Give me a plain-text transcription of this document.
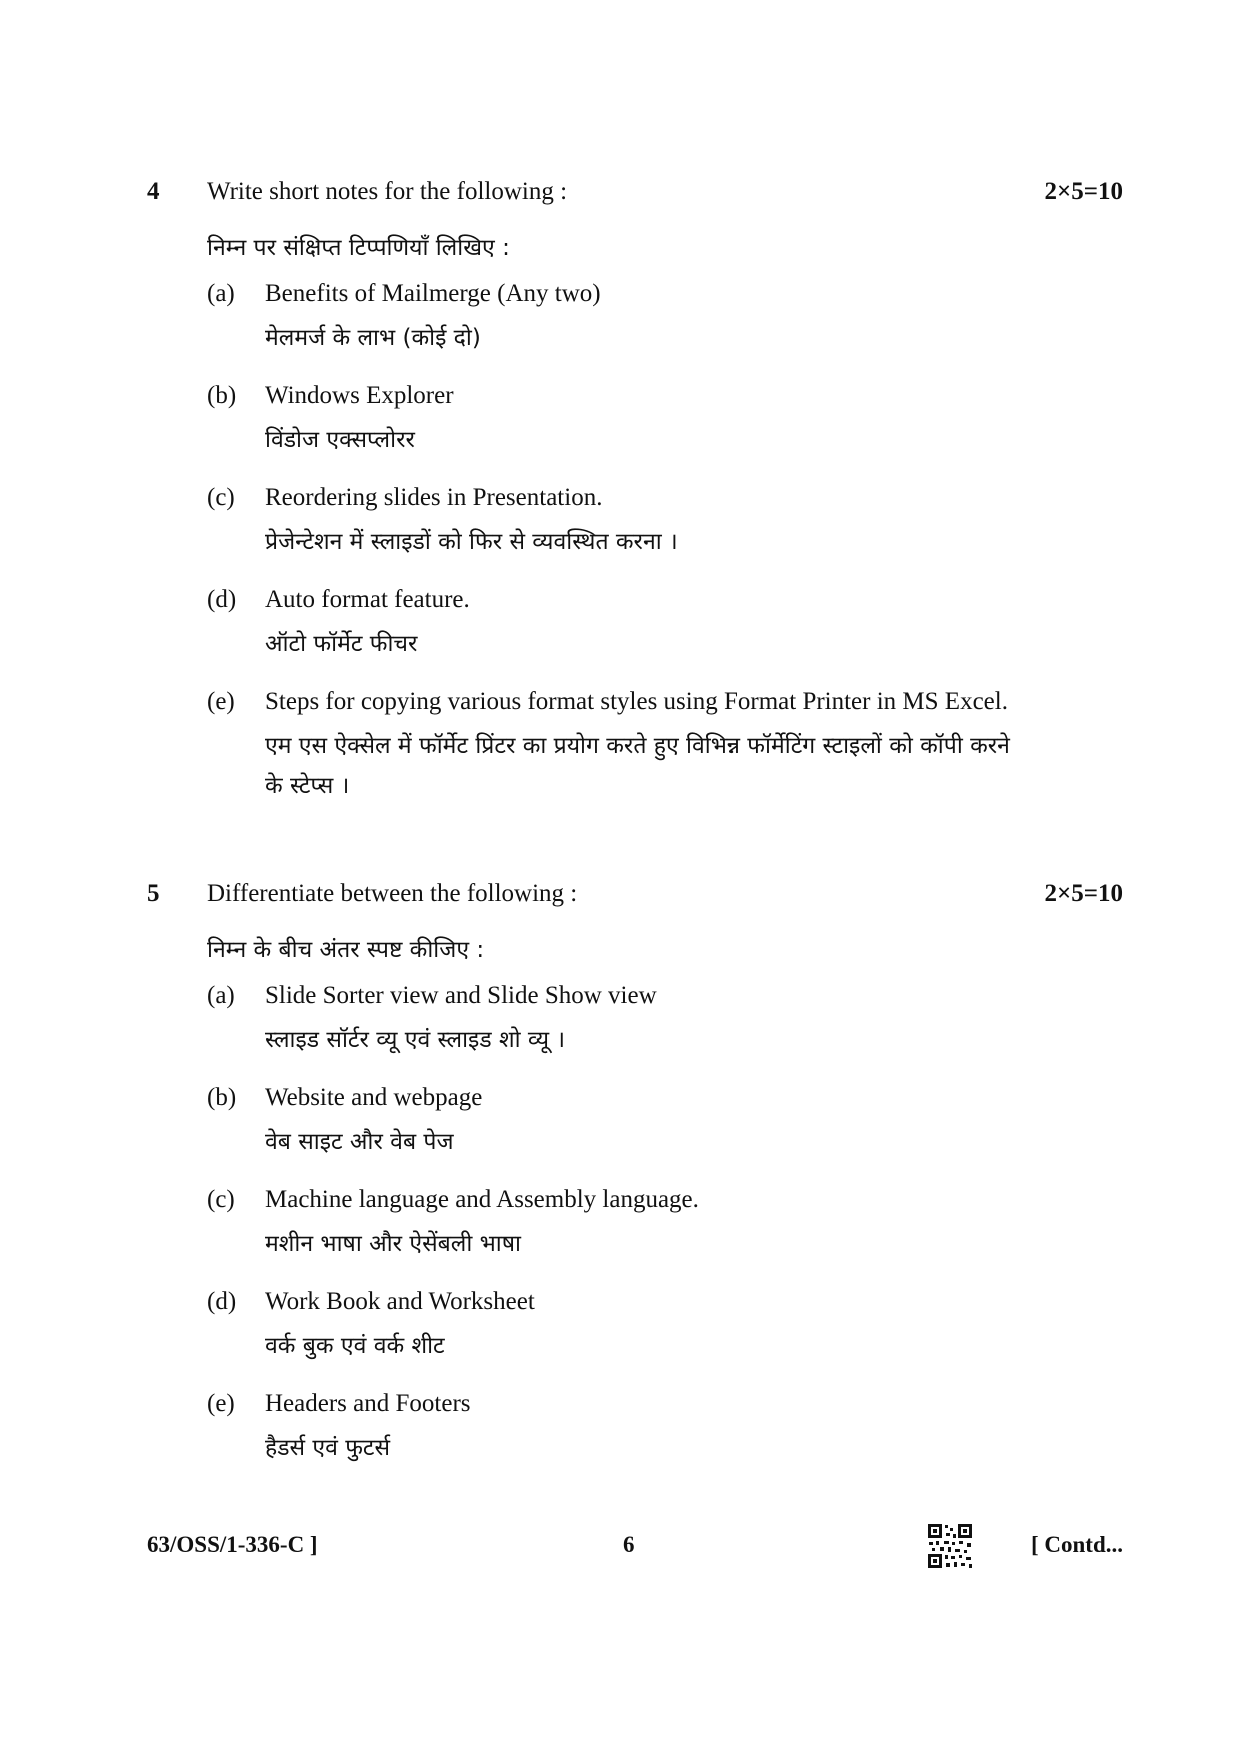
4 Write short notes for the following :	2×5=10
निम्न पर संक्षिप्त टिप्पणियाँ लिखिए :
(a) Benefits of Mailmerge (Any two)
मेलमर्ज के लाभ (कोई दो)
(b) Windows Explorer
विंडोज एक्सप्लोरर
(c) Reordering slides in Presentation.
प्रेजेन्टेशन में स्लाइडों को फिर से व्यवस्थित करना ।
(d) Auto format feature.
ऑटो फॉर्मेट फीचर
(e) Steps for copying various format styles using Format Printer in MS Excel.
एम एस ऐक्सेल में फॉर्मेट प्रिंटर का प्रयोग करते हुए विभिन्न फॉर्मेटिंग स्टाइलों को कॉपी करने
के स्टेप्स ।
5 Differentiate between the following :	2×5=10
निम्न के बीच अंतर स्पष्ट कीजिए :
(a) Slide Sorter view and Slide Show view
स्लाइड सॉर्टर व्यू एवं स्लाइड शो व्यू ।
(b) Website and webpage
वेब साइट और वेब पेज
(c) Machine language and Assembly language.
मशीन भाषा और ऐसेंबली भाषा
(d) Work Book and Worksheet
वर्क बुक एवं वर्क शीट
(e) Headers and Footers
हैडर्स एवं फुटर्स
63/OSS/1-336-C ]	6	[ Contd...
